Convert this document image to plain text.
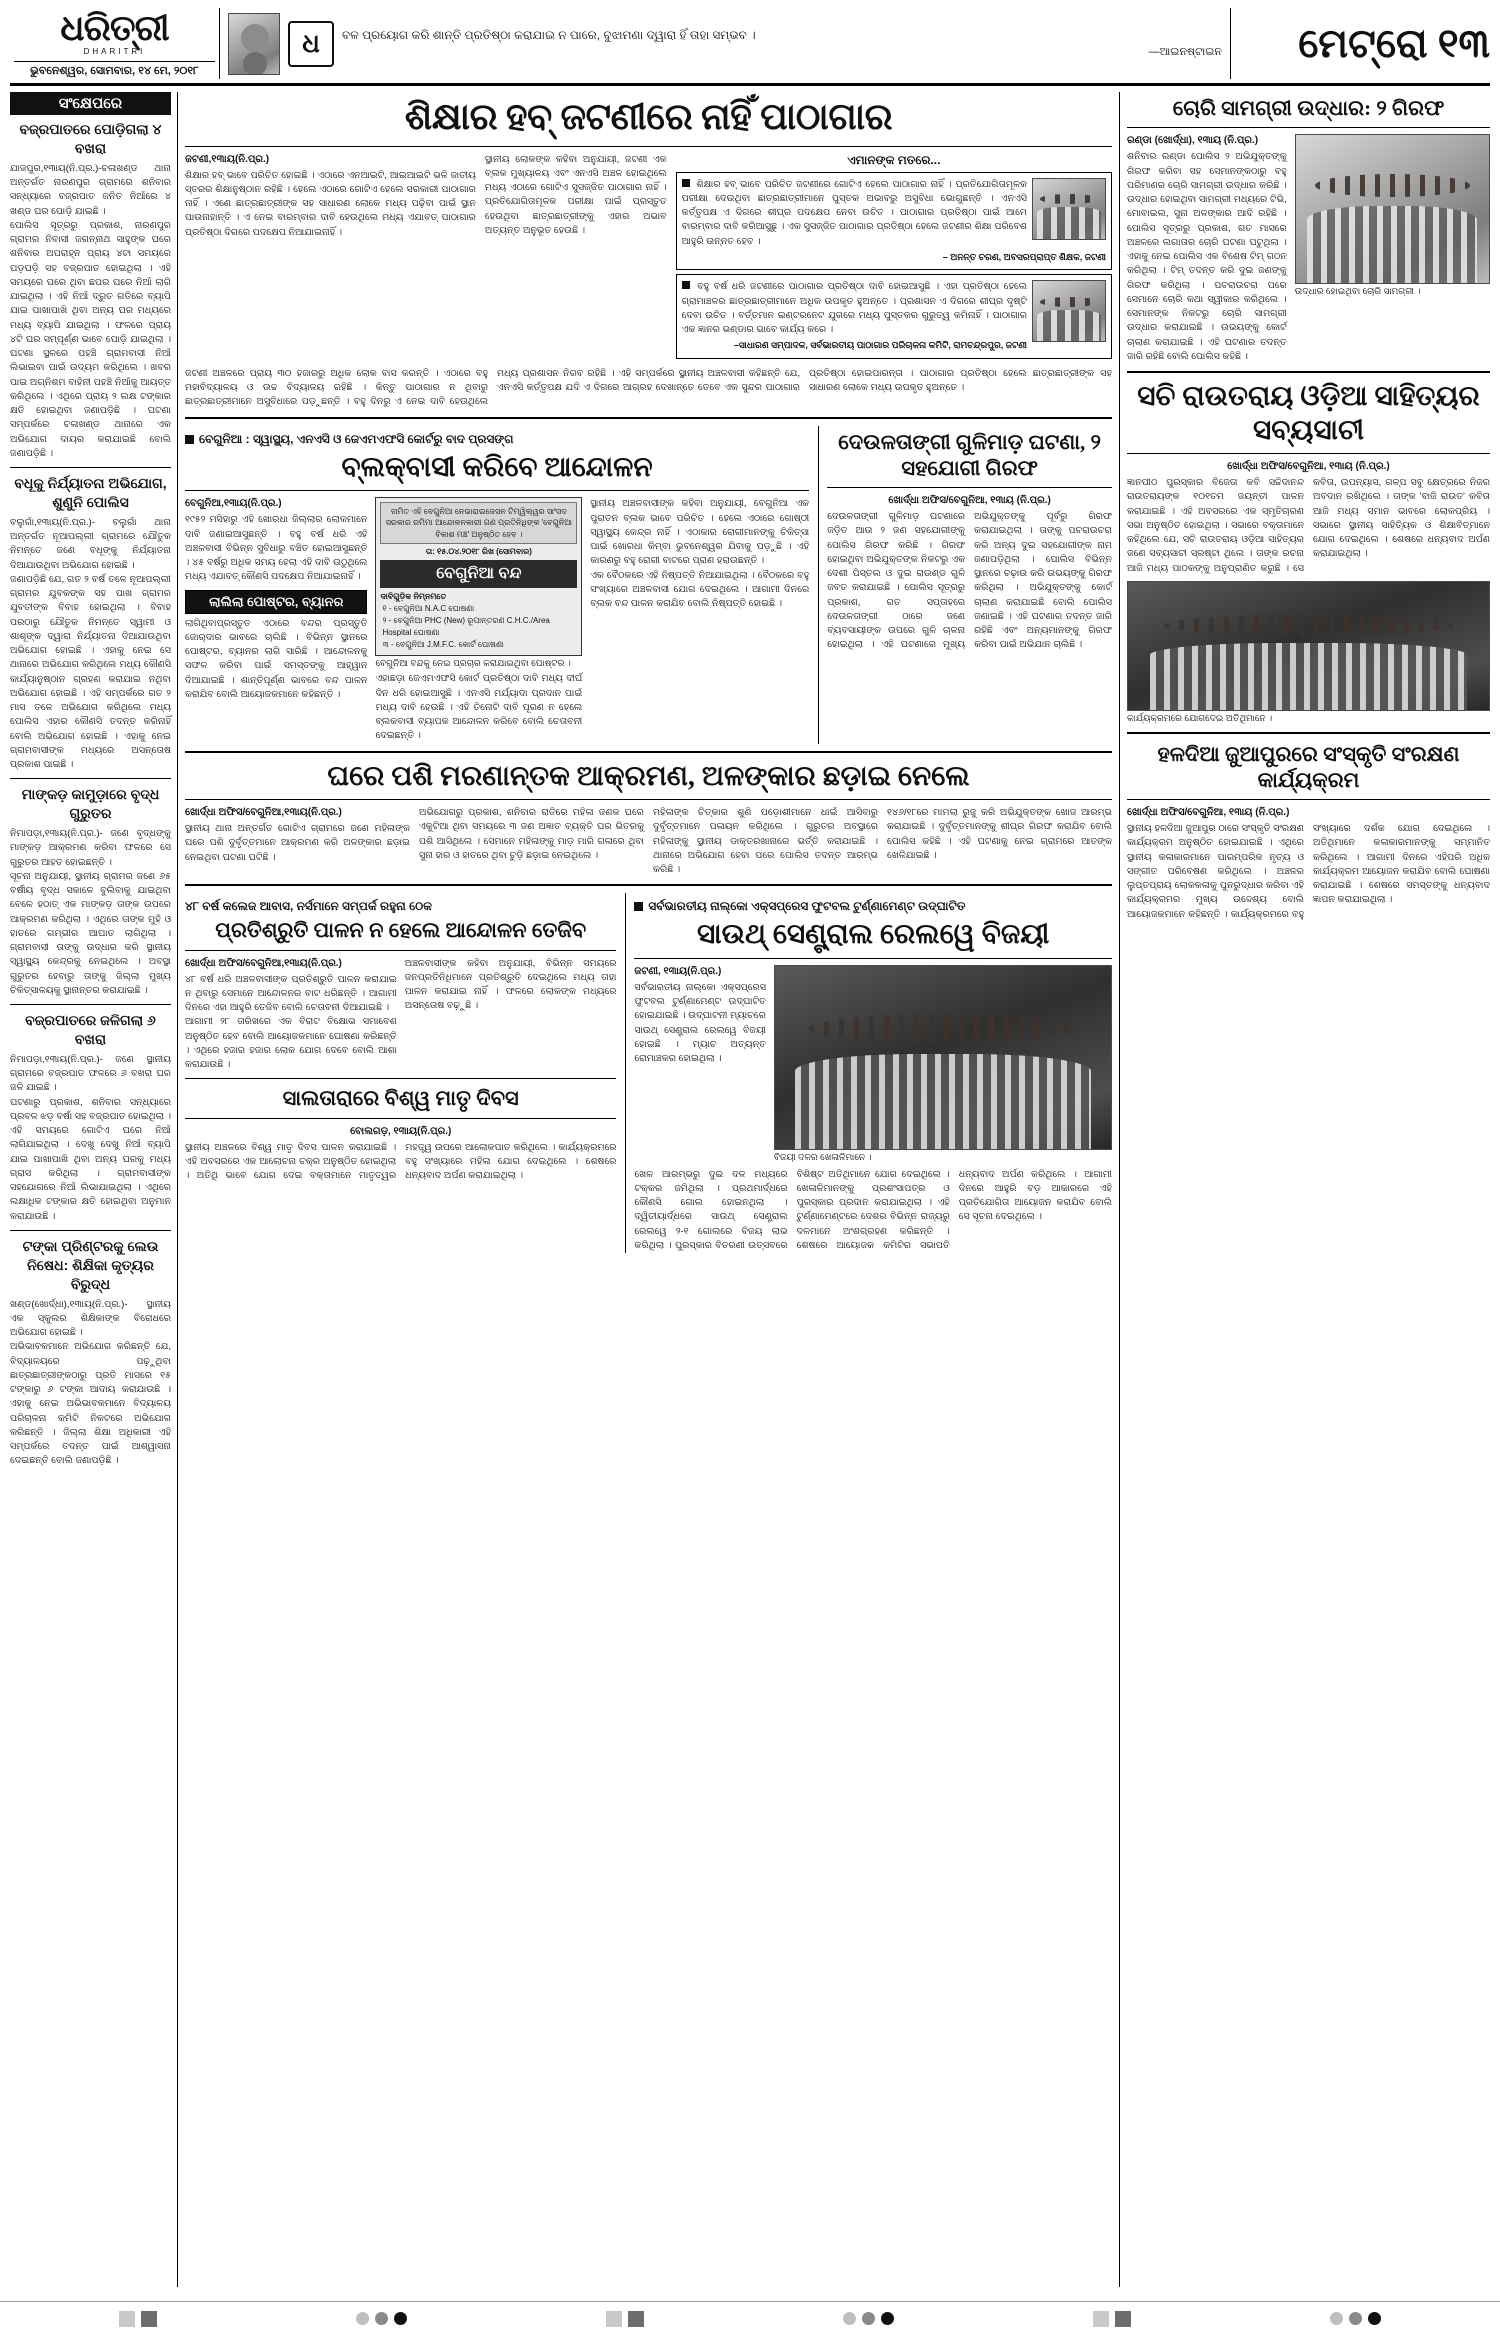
ଧରିତ୍ରୀ
DHARITRI
ଭୁବନେଶ୍ୱର, ସୋମବାର, ୧୪ ମେ, ୨୦୧୮
ଧ	ବଳ ପ୍ରୟୋଗ କରି ଶାନ୍ତି ପ୍ରତିଷ୍ଠା କରାଯାଇ ନ ପାରେ, ବୁଝାମଣା ଦ୍ୱାରା ହିଁ ତାହା ସମ୍ଭବ ।
—ଆଇନଷ୍ଟାଇନ ମେଟ୍ରୋ ୧୩
ସଂକ୍ଷେପରେ
ବଜ୍ରପାତରେ ପୋଡ଼ିଗଲା ୪ ବଖରା
ଯାଜପୁର,୧୩ାୟ(ନି.ପ୍ର.)-ଚଳାଖଣ୍ଡ ଥାନା ଅନ୍ତର୍ଗତ ନାରଣପୁର ଗ୍ରାମରେ ଶନିବାର ସନ୍ଧ୍ୟାରେ ବଜ୍ରପାତ ଜନିତ ନିଆଁରେ ୪ ଖଣ୍ଡ ଘର ପୋଡ଼ି ଯାଇଛି ।
ପୋଲିସ ସୂତ୍ରରୁ ପ୍ରକାଶ, ନାରଣପୁର ଗ୍ରାମର ନିବାସୀ ଜଗନ୍ନାଥ ସାହୁଙ୍କ ଘରେ ଶନିବାର ଅପରାହ୍ନ ପ୍ରାୟ ୪ଟା ସମୟରେ ଘଡ଼ଘଡ଼ି ସହ ବଜ୍ରପାତ ହୋଇଥିଲା । ଏହି ସମୟରେ ଘରେ ଥିବା ଛପର ଘରେ ନିଆଁ ଲାଗି ଯାଇଥିଲା । ଏହି ନିଆଁ ଦ୍ରୁତ ଗତିରେ ବ୍ୟାପି ଯାଇ ପାଖାପାଖି ଥିବା ଅନ୍ୟ ଘର ମଧ୍ୟରେ ମଧ୍ୟ ବ୍ୟାପି ଯାଇଥିଲା । ଫଳରେ ପ୍ରାୟ ୪ଟି ଘର ସମ୍ପୂର୍ଣ୍ଣ ଭାବେ ପୋଡ଼ି ଯାଇଥିଲା । ଘଟଣା ସ୍ଥଳରେ ପହଞ୍ଚି ଗ୍ରାମବାସୀ ନିଆଁ ଲିଭାଇବା ପାଇଁ ଉଦ୍ୟମ କରିଥିଲେ । ଖବର ପାଇ ଅଗ୍ନିଶମ ବାହିନୀ ପହଞ୍ଚି ନିଆଁକୁ ଆୟତ୍ତ କରିଥିଲେ । ଏଥିରେ ପ୍ରାୟ ୨ ଲକ୍ଷ ଟଙ୍କାର କ୍ଷତି ହୋଇଥିବା ଜଣାପଡ଼ିଛି । ଘଟଣା ସମ୍ପର୍କରେ ଚଳାଖଣ୍ଡ ଥାନାରେ ଏକ ଅଭିଯୋଗ ଦାୟର କରାଯାଇଛି ବୋଲି ଜଣାପଡ଼ିଛି ।
ବଧୂକୁ ନିର୍ଯ୍ୟାତନା ଅଭିଯୋଗ, ଶୁଣୁନି ପୋଲିସ
ବଲୁଗାଁ,୧୩ାୟ(ନି.ପ୍ର.)- ବଲୁଗାଁ ଥାନା ଅନ୍ତର୍ଗତ ନୂଆପଲ୍ଲୀ ଗ୍ରାମରେ ଯୌତୁକ ନିମନ୍ତେ ଜଣେ ବଧୂଙ୍କୁ ନିର୍ଯ୍ୟାତନା ଦିଆଯାଉଥିବା ଅଭିଯୋଗ ହୋଇଛି ।
ଜଣାପଡ଼ିଛି ଯେ, ଗତ ୨ ବର୍ଷ ତଳେ ନୂଆପଲ୍ଲୀ ଗ୍ରାମର ଯୁବକଙ୍କ ସହ ପାଖ ଗ୍ରାମର ଯୁବତୀଙ୍କ ବିବାହ ହୋଇଥିଲା । ବିବାହ ପରଠାରୁ ଯୌତୁକ ନିମନ୍ତେ ସ୍ୱାମୀ ଓ ଶାଶୂଙ୍କ ଦ୍ୱାରା ନିର୍ଯ୍ୟାତନା ଦିଆଯାଉଥିବା ଅଭିଯୋଗ ହୋଇଛି । ଏହାକୁ ନେଇ ସେ ଥାନାରେ ଅଭିଯୋଗ କରିଥିଲେ ମଧ୍ୟ କୌଣସି କାର୍ଯ୍ୟାନୁଷ୍ଠାନ ଗ୍ରହଣ କରାଯାଇ ନଥିବା ଅଭିଯୋଗ ହୋଇଛି । ଏହି ସମ୍ପର୍କରେ ଗତ ୨ ମାସ ତଳେ ଅଭିଯୋଗ କରିଥିଲେ ମଧ୍ୟ ପୋଲିସ ଏହାର କୌଣସି ତଦନ୍ତ କରିନାହିଁ ବୋଲି ଅଭିଯୋଗ ହୋଇଛି । ଏହାକୁ ନେଇ ଗ୍ରାମବାସୀଙ୍କ ମଧ୍ୟରେ ଅସନ୍ତୋଷ ପ୍ରକାଶ ପାଇଛି ।
ମାଙ୍କଡ଼ କାମୁଡ଼ାରେ ବୃଦ୍ଧ ଗୁରୁତର
ନିମାପଡ଼ା,୧୩ାୟ(ନି.ପ୍ର.)- ଜଣେ ବୃଦ୍ଧଙ୍କୁ ମାଙ୍କଡ଼ ଆକ୍ରମଣ କରିବା ଫଳରେ ସେ ଗୁରୁତର ଆହତ ହୋଇଛନ୍ତି ।
ସୂଚନା ଅନୁଯାୟୀ, ସ୍ଥାନୀୟ ଗ୍ରାମର ଜଣେ ୬୫ ବର୍ଷୀୟ ବୃଦ୍ଧ ସକାଳେ ବୁଲିବାକୁ ଯାଇଥିବା ବେଳେ ହଠାତ୍ ଏକ ମାଙ୍କଡ଼ ତାଙ୍କ ଉପରେ ଆକ୍ରମଣ କରିଥିଲା । ଏଥିରେ ତାଙ୍କ ମୁହଁ ଓ ହାତରେ ଗମ୍ଭୀର ଆଘାତ ଲାଗିଥିଲା । ଗ୍ରାମବାସୀ ତାଙ୍କୁ ଉଦ୍ଧାର କରି ସ୍ଥାନୀୟ ସ୍ୱାସ୍ଥ୍ୟ କେନ୍ଦ୍ରକୁ ନେଇଥିଲେ । ଅବସ୍ଥା ଗୁରୁତର ହେବାରୁ ତାଙ୍କୁ ଜିଲ୍ଲା ମୁଖ୍ୟ ଚିକିତ୍ସାଳୟକୁ ସ୍ଥାନାନ୍ତର କରାଯାଇଛି ।
ବଜ୍ରପାତରେ ଜଳିଗଲା ୬ ବଖରା
ନିମାପଡ଼ା,୧୩ାୟ(ନି.ପ୍ର.)- ଜଣେ ସ୍ଥାନୀୟ ଗ୍ରାମରେ ବଜ୍ରପାତ ଫଳରେ ୬ ବଖରା ଘର ଜଳି ଯାଇଛି ।
ଘଟଣାରୁ ପ୍ରକାଶ, ଶନିବାର ସନ୍ଧ୍ୟାରେ ପ୍ରବଳ ଝଡ଼ ବର୍ଷା ସହ ବଜ୍ରପାତ ହୋଇଥିଲା । ଏହି ସମୟରେ ଗୋଟିଏ ଘରେ ନିଆଁ ଲାଗିଯାଇଥିଲା । ଦେଖୁ ଦେଖୁ ନିଆଁ ବ୍ୟାପି ଯାଇ ପାଖାପାଖି ଥିବା ଅନ୍ୟ ଘରକୁ ମଧ୍ୟ ଗ୍ରାସ କରିଥିଲା । ଗ୍ରାମବାସୀଙ୍କ ସହଯୋଗରେ ନିଆଁ ଲିଭାଯାଇଥିଲା । ଏଥିରେ ଲକ୍ଷାଧିକ ଟଙ୍କାର କ୍ଷତି ହୋଇଥିବା ଅନୁମାନ କରାଯାଉଛି ।
ଟଙ୍କା ପ୍ରିଣ୍ଟରକୁ ଲେଉ ନିଷେଧ: ଶିକ୍ଷିକା କୃତ୍ୟର ବିରୁଦ୍ଧ
ଖଣ୍ଡ(ଖୋର୍ଦ୍ଧା),୧୩ାୟ(ନି.ପ୍ର.)- ସ୍ଥାନୀୟ ଏକ ସ୍କୁଲର ଶିକ୍ଷିକାଙ୍କ ବିରୋଧରେ ଅଭିଯୋଗ ହୋଇଛି ।
ଅଭିଭାବକମାନେ ଅଭିଯୋଗ କରିଛନ୍ତି ଯେ, ବିଦ୍ୟାଳୟରେ ପଢ଼ୁଥିବା ଛାତ୍ରଛାତ୍ରୀଙ୍କଠାରୁ ପ୍ରତି ମାସରେ ୧୫ ଟଙ୍କାରୁ ୬ ଟଙ୍କା ଆଦାୟ କରାଯାଉଛି । ଏହାକୁ ନେଇ ଅଭିଭାବକମାନେ ବିଦ୍ୟାଳୟ ପରିଚାଳନା କମିଟି ନିକଟରେ ଅଭିଯୋଗ କରିଛନ୍ତି । ଜିଲ୍ଲା ଶିକ୍ଷା ଅଧିକାରୀ ଏହି ସମ୍ପର୍କରେ ତଦନ୍ତ ପାଇଁ ଆଶ୍ୱାସନା ଦେଇଛନ୍ତି ବୋଲି ଜଣାପଡ଼ିଛି ।
ଶିକ୍ଷାର ହବ୍ ଜଟଣୀରେ ନାହିଁ ପାଠାଗାର
ଜଟଣୀ,୧୩ାୟ(ନି.ପ୍ର.)
ଶିକ୍ଷାର ହବ୍ ଭାବେ ପରିଚିତ ହୋଇଛି । ଏଠାରେ ଏନଆଇଟି, ଆଇଆଇଟି ଭଳି ଜାତୀୟ ସ୍ତରର ଶିକ୍ଷାନୁଷ୍ଠାନ ରହିଛି । ହେଲେ ଏଠାରେ ଗୋଟିଏ ହେଲେ ସରକାରୀ ପାଠାଗାର ନାହିଁ । ଏଣେ ଛାତ୍ରଛାତ୍ରୀଙ୍କ ସହ ସାଧାରଣ ଲୋକେ ମଧ୍ୟ ପଢ଼ିବା ପାଇଁ ସ୍ଥାନ ପାଉନାହାନ୍ତି । ଏ ନେଇ ବାରମ୍ବାର ଦାବି ହେଉଥିଲେ ମଧ୍ୟ ଏଯାବତ୍ ପାଠାଗାର ପ୍ରତିଷ୍ଠା ଦିଗରେ ପଦକ୍ଷେପ ନିଆଯାଇନାହିଁ ।
ସ୍ଥାନୀୟ ଲୋକଙ୍କ କହିବା ଅନୁଯାୟୀ, ଜଟଣୀ ଏକ ବ୍ଲକ ମୁଖ୍ୟାଳୟ ଏବଂ ଏନଏସି ଅଞ୍ଚଳ ହୋଇଥିଲେ ମଧ୍ୟ ଏଠାରେ ଗୋଟିଏ ସୁସଜ୍ଜିତ ପାଠାଗାର ନାହିଁ । ପ୍ରତିଯୋଗିତାମୂଳକ ପରୀକ୍ଷା ପାଇଁ ପ୍ରସ୍ତୁତ ହେଉଥିବା ଛାତ୍ରଛାତ୍ରୀଙ୍କୁ ଏହାର ଅଭାବ ଅତ୍ୟନ୍ତ ଅନୁଭୂତ ହେଉଛି ।
ଏମାନଙ୍କ ମତରେ...
ଶିକ୍ଷାର ହବ୍ ଭାବେ ପରିଚିତ ଜଟଣୀରେ ଗୋଟିଏ ହେଲେ ପାଠାଗାର ନାହିଁ । ପ୍ରତିଯୋଗିତାମୂଳକ ପରୀକ୍ଷା ଦେଉଥିବା ଛାତ୍ରଛାତ୍ରୀମାନେ ପୁସ୍ତକ ଅଭାବରୁ ଅସୁବିଧା ଭୋଗୁଛନ୍ତି । ଏନଏସି କର୍ତ୍ତୃପକ୍ଷ ଏ ଦିଗରେ ଶୀଘ୍ର ପଦକ୍ଷେପ ନେବା ଉଚିତ । ପାଠାଗାର ପ୍ରତିଷ୍ଠା ପାଇଁ ଆମେ ବାରମ୍ବାର ଦାବି କରିଆସୁଛୁ । ଏକ ସୁସଜ୍ଜିତ ପାଠାଗାର ପ୍ରତିଷ୍ଠା ହେଲେ ଜଟଣୀର ଶିକ୍ଷା ପରିବେଶ ଆହୁରି ଉନ୍ନତ ହେବ ।
– ଅନନ୍ତ ଚରଣ, ଅବସରପ୍ରାପ୍ତ ଶିକ୍ଷକ, ଜଟଣୀ
ବହୁ ବର୍ଷ ଧରି ଜଟଣୀରେ ପାଠାଗାର ପ୍ରତିଷ୍ଠା ଦାବି ହୋଇଆସୁଛି । ଏହା ପ୍ରତିଷ୍ଠା ହେଲେ ଗ୍ରାମାଞ୍ଚଳର ଛାତ୍ରଛାତ୍ରୀମାନେ ଅଧିକ ଉପକୃତ ହୁଅନ୍ତେ । ପ୍ରଶାସନ ଏ ଦିଗରେ ଶୀଘ୍ର ଦୃଷ୍ଟି ଦେବା ଉଚିତ । ବର୍ତ୍ତମାନ ଇଣ୍ଟରନେଟ ଯୁଗରେ ମଧ୍ୟ ପୁସ୍ତକର ଗୁରୁତ୍ୱ କମିନାହିଁ । ପାଠାଗାର ଏକ ଜ୍ଞାନର ଭଣ୍ଡାର ଭାବେ କାର୍ଯ୍ୟ କରେ ।
–ସାଧାରଣ ସମ୍ପାଦକ, ସର୍ବଭାରତୀୟ ପାଠାଗାର ପରିଚାଳନା କମିଟି, ରାମଚନ୍ଦ୍ରପୁର, ଜଟଣୀ
ଜଟଣୀ ଅଞ୍ଚଳରେ ପ୍ରାୟ ୩୦ ହଜାରରୁ ଅଧିକ ଲୋକ ବାସ କରନ୍ତି । ଏଠାରେ ବହୁ ମହାବିଦ୍ୟାଳୟ ଓ ଉଚ୍ଚ ବିଦ୍ୟାଳୟ ରହିଛି । କିନ୍ତୁ ପାଠାଗାର ନ ଥିବାରୁ ଛାତ୍ରଛାତ୍ରୀମାନେ ଅସୁବିଧାରେ ପଡ଼ୁଛନ୍ତି । ବହୁ ଦିନରୁ ଏ ନେଇ ଦାବି ହେଉଥିଲେ ମଧ୍ୟ ପ୍ରଶାସନ ନିରବ ରହିଛି । ଏହି ସମ୍ପର୍କରେ ସ୍ଥାନୀୟ ଅଞ୍ଚଳବାସୀ କହିଛନ୍ତି ଯେ, ଏନଏସି କର୍ତ୍ତୃପକ୍ଷ ଯଦି ଏ ଦିଗରେ ଆଗ୍ରହ ଦେଖାନ୍ତେ ତେବେ ଏକ ସୁନ୍ଦର ପାଠାଗାର ପ୍ରତିଷ୍ଠା ହୋଇପାରନ୍ତା । ପାଠାଗାର ପ୍ରତିଷ୍ଠା ହେଲେ ଛାତ୍ରଛାତ୍ରୀଙ୍କ ସହ ସାଧାରଣ ଲୋକେ ମଧ୍ୟ ଉପକୃତ ହୁଅନ୍ତେ ।
ବେଗୁନିଆ : ସ୍ୱାସ୍ଥ୍ୟ, ଏନଏସି ଓ ଜେଏମଏଫସି କୋର୍ଟରୁ ବାଦ ପ୍ରସଙ୍ଗ
ବ୍ଲକ୍‌ବାସୀ କରିବେ ଆନ୍ଦୋଳନ
ବେଗୁନିଆ,୧୩ାୟ(ନି.ପ୍ର.)
୧୯୫୨ ମସିହାରୁ ଏହି ଖୋରଧା ଜିଲ୍ଲାର ଲୋକମାନେ ଦାବି ଜଣାଇଆସୁଛନ୍ତି । ବହୁ ବର୍ଷ ଧରି ଏହି ଅଞ୍ଚଳବାସୀ ବିଭିନ୍ନ ସୁବିଧାରୁ ବଞ୍ଚିତ ହୋଇଆସୁଛନ୍ତି । ୪୫ ବର୍ଷରୁ ଅଧିକ ସମୟ ହେଲା ଏହି ଦାବି ଉଠୁଥିଲେ ମଧ୍ୟ ଏଯାବତ୍ କୌଣସି ପଦକ୍ଷେପ ନିଆଯାଇନାହିଁ ।
ଲାଲିଲା ପୋଷ୍ଟର, ବ୍ୟାନର
ଲାଗିଥିବାପ୍ରସ୍ତୁତ ଏଠାରେ ବନ୍ଦର ପ୍ରସ୍ତୁତି ଜୋର୍‌ଦାର ଭାବରେ ଚାଲିଛି । ବିଭିନ୍ନ ସ୍ଥାନରେ ପୋଷ୍ଟର, ବ୍ୟାନର ଲାଗି ସାରିଛି । ଆନ୍ଦୋଳନକୁ ସଫଳ କରିବା ପାଇଁ ସମସ୍ତଙ୍କୁ ଆହ୍ୱାନ ଦିଆଯାଇଛି । ଶାନ୍ତିପୂର୍ଣ୍ଣ ଭାବରେ ବନ୍ଦ ପାଳନ କରାଯିବ ବୋଲି ଆୟୋଜକମାନେ କହିଛନ୍ତି ।
ନାମିତ ଏହି ବେଗୁନିଆ ନେଭାରାଇଜେସନ ଟିମ୍ୱିଲ୍ୱର ସାଂସଦ ସରକାର ରମିମା ଆନ୍ଦୋଳନକାରୀ ଗଣ ପ୍ରତିନିଧିଙ୍କ 'ବେଗୁନିଆ ବିକାଶ ମଞ୍ଚ' ଅନୁଷ୍ଠିତ ହେବ ।
ତା: ୧୫.୦୪.୨୦୧୮ ରିଖ (ସୋମବାର)
ବେଗୁନିଆ ବନ୍ଦ
ଦାବିଗୁଡ଼ିକ ନିମ୍ନମତେ
୧ - ବେଗୁନିଆ N.A.C ଘୋଷଣା
୨ - ବେଗୁନିଆ PHC (New) ରୂପାନ୍ତରଣ C.H.C./Area Hospital ଘୋଷଣା
୩ - ବେଗୁନିଆ J.M.F.C. କୋର୍ଟ ଘୋଷଣା
ବେଗୁନିଆ ବନ୍ଦକୁ ନେଇ ପ୍ରଚାର କରାଯାଇଥିବା ପୋଷ୍ଟର ।
ଏହାଛଡ଼ା ଜେଏମଏଫସି କୋର୍ଟ ପ୍ରତିଷ୍ଠା ଦାବି ମଧ୍ୟ ଦୀର୍ଘ ଦିନ ଧରି ହୋଇଆସୁଛି । ଏନଏସି ମର୍ଯ୍ୟାଦା ପ୍ରଦାନ ପାଇଁ ମଧ୍ୟ ଦାବି ହେଉଛି । ଏହି ତିନୋଟି ଦାବି ପୂରଣ ନ ହେଲେ ବ୍ଲକବାସୀ ବ୍ୟାପକ ଆନ୍ଦୋଳନ କରିବେ ବୋଲି ଚେତାବନୀ ଦେଇଛନ୍ତି ।
ସ୍ଥାନୀୟ ଅଞ୍ଚଳବାସୀଙ୍କ କହିବା ଅନୁଯାୟୀ, ବେଗୁନିଆ ଏକ ପୁରାତନ ବ୍ଲକ ଭାବେ ପରିଚିତ । ହେଲେ ଏଠାରେ ଗୋଷ୍ଠୀ ସ୍ୱାସ୍ଥ୍ୟ କେନ୍ଦ୍ର ନାହିଁ । ଏଠାକାର ରୋଗୀମାନଙ୍କୁ ଚିକିତ୍ସା ପାଇଁ ଖୋରଧା କିମ୍ବା ଭୁବନେଶ୍ୱର ଯିବାକୁ ପଡ଼ୁଛି । ଏହି କାରଣରୁ ବହୁ ରୋଗୀ ବାଟରେ ପ୍ରାଣ ହରାଉଛନ୍ତି ।
ଏକ ବୈଠକରେ ଏହି ନିଷ୍ପତ୍ତି ନିଆଯାଇଥିଲା । ବୈଠକରେ ବହୁ ସଂଖ୍ୟାରେ ଅଞ୍ଚଳବାସୀ ଯୋଗ ଦେଇଥିଲେ । ଆଗାମୀ ଦିନରେ ବ୍ଲକ ବନ୍ଦ ପାଳନ କରାଯିବ ବୋଲି ନିଷ୍ପତ୍ତି ହୋଇଛି ।
ଦେଉଳତାଙ୍ଗୀ ଗୁଳିମାଡ଼ ଘଟଣା, ୨ ସହଯୋଗୀ ଗିରଫ
ଖୋର୍ଦ୍ଧା ଅଫିସ/ବେଗୁନିଆ, ୧୩ାୟ (ନି.ପ୍ର.)
ଦେଉଳତାଙ୍ଗୀ ଗୁଳିମାଡ଼ ଘଟଣାରେ ଜଡ଼ିତ ଆଉ ୨ ଜଣ ସହଯୋଗୀଙ୍କୁ ପୋଲିସ ଗିରଫ କରିଛି । ଗିରଫ ହୋଇଥିବା ଅଭିଯୁକ୍ତଙ୍କ ନିକଟରୁ ଏକ ଦେଶୀ ପିସ୍ତଲ ଓ ଦୁଇ ରାଉଣ୍ଡ ଗୁଳି ଜବତ କରାଯାଇଛି । ପୋଲିସ ସୂତ୍ରରୁ ପ୍ରକାଶ, ଗତ ସପ୍ତାହରେ ଦେଉଳତାଙ୍ଗୀ ଠାରେ ଜଣେ ବ୍ୟବସାୟୀଙ୍କ ଉପରେ ଗୁଳି ଚାଳନା ହୋଇଥିଲା । ଏହି ଘଟଣାରେ ମୁଖ୍ୟ ଅଭିଯୁକ୍ତଙ୍କୁ ପୂର୍ବରୁ ଗିରଫ କରାଯାଇଥିଲା । ତାଙ୍କୁ ପଚରାଉଚରା କରି ଅନ୍ୟ ଦୁଇ ସହଯୋଗୀଙ୍କ ନାମ ଜଣାପଡ଼ିଥିଲା । ପୋଲିସ ବିଭିନ୍ନ ସ୍ଥାନରେ ଚଢ଼ାଉ କରି ଉଭୟଙ୍କୁ ଗିରଫ କରିଥିଲା । ଅଭିଯୁକ୍ତଙ୍କୁ କୋର୍ଟ ଚାଲାଣ କରାଯାଇଛି ବୋଲି ପୋଲିସ ଜଣାଇଛି । ଏହି ଘଟଣାର ତଦନ୍ତ ଜାରି ରହିଛି ଏବଂ ଅନ୍ୟମାନଙ୍କୁ ଗିରଫ କରିବା ପାଇଁ ଅଭିଯାନ ଚାଲିଛି ।
ଘରେ ପଶି ମରଣାନ୍ତକ ଆକ୍ରମଣ, ଅଳଙ୍କାର ଛଡ଼ାଇ ନେଲେ
ଖୋର୍ଦ୍ଧା ଅଫିସ/ବେଗୁନିଆ,୧୩ାୟ(ନି.ପ୍ର.)
ସ୍ଥାନୀୟ ଥାନା ଅନ୍ତର୍ଗତ ଗୋଟିଏ ଗ୍ରାମରେ ଜଣେ ମହିଳାଙ୍କ ଘରେ ପଶି ଦୁର୍ବୃତ୍ତମାନେ ଆକ୍ରମଣ କରି ଅଳଙ୍କାର ଛଡ଼ାଇ ନେଇଥିବା ଘଟଣା ଘଟିଛି ।
ଅଭିଯୋଗରୁ ପ୍ରକାଶ, ଶନିବାର ରାତିରେ ମହିଳା ଜଣକ ଘରେ ଏକୁଟିଆ ଥିବା ସମୟରେ ୩ ଜଣ ଅଜ୍ଞାତ ବ୍ୟକ୍ତି ଘର ଭିତରକୁ ପଶି ଆସିଥିଲେ । ସେମାନେ ମହିଳାଙ୍କୁ ମାଡ଼ ମାରି ଗଳାରେ ଥିବା ସୁନା ହାର ଓ ହାତରେ ଥିବା ଚୁଡ଼ି ଛଡ଼ାଇ ନେଇଥିଲେ ।
ମହିଳାଙ୍କ ଚିତ୍କାର ଶୁଣି ପଡ଼ୋଶୀମାନେ ଧାଇଁ ଆସିବାରୁ ଦୁର୍ବୃତ୍ତମାନେ ପଳାୟନ କରିଥିଲେ । ଗୁରୁତର ଅବସ୍ଥାରେ ମହିଳାଙ୍କୁ ସ୍ଥାନୀୟ ଡାକ୍ତରଖାନାରେ ଭର୍ତ୍ତି କରାଯାଇଛି । ଥାନାରେ ଅଭିଯୋଗ ହେବା ପରେ ପୋଲିସ ତଦନ୍ତ ଆରମ୍ଭ କରିଛି ।
୧୪୬/୧୮ରେ ମାମଲା ରୁଜୁ କରି ଅଭିଯୁକ୍ତଙ୍କ ଖୋଜ ଆରମ୍ଭ କରାଯାଇଛି । ଦୁର୍ବୃତ୍ତମାନଙ୍କୁ ଶୀଘ୍ର ଗିରଫ କରାଯିବ ବୋଲି ପୋଲିସ କହିଛି । ଏହି ଘଟଣାକୁ ନେଇ ଗ୍ରାମରେ ଆତଙ୍କ ଖେଳିଯାଇଛି ।
୪୮ ବର୍ଷ କଲେଜ ଆବାସ, ନର୍ସମାନେ ସମ୍ପର୍କ ରହୁନା ଠେକ
ପ୍ରତିଶ୍ରୁତି ପାଳନ ନ ହେଲେ ଆନ୍ଦୋଳନ ତେଜିବ
ଖୋର୍ଦ୍ଧା ଅଫିସ/ବେଗୁନିଆ,୧୩ାୟ(ନି.ପ୍ର.)
୪୮ ବର୍ଷ ଧରି ଅଞ୍ଚଳବାସୀଙ୍କ ପ୍ରତିଶ୍ରୁତି ପାଳନ କରାଯାଇ ନ ଥିବାରୁ ସେମାନେ ଆନ୍ଦୋଳନର ବାଟ ଧରିଛନ୍ତି । ଆଗାମୀ ଦିନରେ ଏହା ଆହୁରି ତେଜିବ ବୋଲି ଚେତାବନୀ ଦିଆଯାଇଛି ।
ଆଗାମୀ ୨୮ ତାରିଖରେ ଏକ ବିରାଟ ବିକ୍ଷୋଭ ସମାବେଶ ଅନୁଷ୍ଠିତ ହେବ ବୋଲି ଆୟୋଜକମାନେ ଘୋଷଣା କରିଛନ୍ତି । ଏଥିରେ ହଜାର ହଜାର ଲୋକ ଯୋଗ ଦେବେ ବୋଲି ଆଶା କରାଯାଉଛି ।
ଅଞ୍ଚଳବାସୀଙ୍କ କହିବା ଅନୁଯାୟୀ, ବିଭିନ୍ନ ସମୟରେ ଜନପ୍ରତିନିଧିମାନେ ପ୍ରତିଶ୍ରୁତି ଦେଇଥିଲେ ମଧ୍ୟ ତାହା ପାଳନ କରାଯାଇ ନାହିଁ । ଫଳରେ ଲୋକଙ୍କ ମଧ୍ୟରେ ଅସନ୍ତୋଷ ବଢ଼ୁଛି ।
ସାଲତାରାରେ ବିଶ୍ୱ ମାତୃ ଦିବସ
ବୋଲଗଡ଼, ୧୩ାୟ(ନି.ପ୍ର.)
ସ୍ଥାନୀୟ ଅଞ୍ଚଳରେ ବିଶ୍ୱ ମାତୃ ଦିବସ ପାଳନ କରାଯାଇଛି । ଏହି ଅବସରରେ ଏକ ଆଲୋଚନା ଚକ୍ର ଅନୁଷ୍ଠିତ ହୋଇଥିଲା । ଅତିଥି ଭାବେ ଯୋଗ ଦେଇ ବକ୍ତାମାନେ ମାତୃତ୍ୱର ମହତ୍ତ୍ୱ ଉପରେ ଆଲୋକପାତ କରିଥିଲେ । କାର୍ଯ୍ୟକ୍ରମରେ ବହୁ ସଂଖ୍ୟାରେ ମହିଳା ଯୋଗ ଦେଇଥିଲେ । ଶେଷରେ ଧନ୍ୟବାଦ ଅର୍ପଣ କରାଯାଇଥିଲା ।
ସର୍ବଭାରତୀୟ ନାଲ୍‌କୋ ଏକ୍ସପ୍ରେସ ଫୁଟବଲ ଟୁର୍ଣ୍ଣାମେଣ୍ଟ ଉଦ୍‌ଘାଟିତ
ସାଉଥ୍ ସେଣ୍ଟ୍ରାଲ ରେଲୱେ ବିଜୟୀ
ଜଟଣୀ, ୧୩ାୟ(ନି.ପ୍ର.)
ସର୍ବଭାରତୀୟ ନାଲ୍‌କୋ ଏକ୍ସପ୍ରେସ ଫୁଟବଲ ଟୁର୍ଣ୍ଣାମେଣ୍ଟ ଉଦ୍‌ଘାଟିତ ହୋଇଯାଇଛି । ଉଦ୍‌ଘାଟନୀ ମ୍ୟାଚରେ ସାଉଥ୍ ସେଣ୍ଟ୍ରାଲ ରେଲୱେ ବିଜୟୀ ହୋଇଛି । ମ୍ୟାଚ ଅତ୍ୟନ୍ତ ରୋମାଞ୍ଚକର ହୋଇଥିଲା ।
ବିଜୟୀ ଦଳର ଖେଳାଳିମାନେ ।
ଖେଳ ଆରମ୍ଭରୁ ଦୁଇ ଦଳ ମଧ୍ୟରେ ଟକ୍କର ଜମିଥିଲା । ପ୍ରଥମାର୍ଦ୍ଧରେ କୌଣସି ଗୋଲ ହୋଇନଥିଲା । ଦ୍ୱିତୀୟାର୍ଦ୍ଧରେ ସାଉଥ୍ ସେଣ୍ଟ୍ରାଲ ରେଲୱେ ୨-୧ ଗୋଲରେ ବିଜୟ ଲାଭ କରିଥିଲା । ପୁରସ୍କାର ବିତରଣୀ ଉତ୍ସବରେ ବିଶିଷ୍ଟ ଅତିଥିମାନେ ଯୋଗ ଦେଇଥିଲେ । ଖେଳାଳିମାନଙ୍କୁ ପ୍ରଶଂସାପତ୍ର ଓ ପୁରସ୍କାର ପ୍ରଦାନ କରାଯାଇଥିଲା । ଏହି ଟୁର୍ଣ୍ଣାମେଣ୍ଟରେ ଦେଶର ବିଭିନ୍ନ ରାଜ୍ୟରୁ ଦଳମାନେ ଅଂଶଗ୍ରହଣ କରିଛନ୍ତି । ଶେଷରେ ଆୟୋଜକ କମିଟିର ସଭାପତି ଧନ୍ୟବାଦ ଅର୍ପଣ କରିଥିଲେ । ଆଗାମୀ ଦିନରେ ଆହୁରି ବଡ଼ ଆକାରରେ ଏହି ପ୍ରତିଯୋଗିତା ଆୟୋଜନ କରାଯିବ ବୋଲି ସେ ସୂଚନା ଦେଇଥିଲେ ।
ଚୋରି ସାମଗ୍ରୀ ଉଦ୍ଧାର: ୨ ଗିରଫ
ରଣ୍ଡା (ଖୋର୍ଦ୍ଧା), ୧୩ାୟ (ନି.ପ୍ର.)
ଶନିବାର ରଣ୍ଡା ପୋଲିସ ୨ ଅଭିଯୁକ୍ତଙ୍କୁ ଗିରଫ କରିବା ସହ ସେମାନଙ୍କଠାରୁ ବହୁ ପରିମାଣର ଚୋରି ସାମଗ୍ରୀ ଉଦ୍ଧାର କରିଛି । ଉଦ୍ଧାର ହୋଇଥିବା ସାମଗ୍ରୀ ମଧ୍ୟରେ ଟିଭି, ମୋବାଇଲ, ସୁନା ଅଳଙ୍କାର ଆଦି ରହିଛି । ପୋଲିସ ସୂତ୍ରରୁ ପ୍ରକାଶ, ଗତ ମାସରେ ଅଞ୍ଚଳରେ ଲଗାତାର ଚୋରି ଘଟଣା ଘଟୁଥିଲା । ଏହାକୁ ନେଇ ପୋଲିସ ଏକ ବିଶେଷ ଟିମ୍ ଗଠନ କରିଥିଲା । ଟିମ୍ ତଦନ୍ତ କରି ଦୁଇ ଜଣଙ୍କୁ ଗିରଫ କରିଥିଲା । ପଚରାଉଚରା ପରେ ସେମାନେ ଚୋରି କଥା ସ୍ୱୀକାର କରିଥିଲେ । ସେମାନଙ୍କ ନିକଟରୁ ଚୋରି ସାମଗ୍ରୀ ଉଦ୍ଧାର କରାଯାଇଛି । ଉଭୟଙ୍କୁ କୋର୍ଟ ଚାଲାଣ କରାଯାଇଛି । ଏହି ଘଟଣାର ତଦନ୍ତ ଜାରି ରହିଛି ବୋଲି ପୋଲିସ କହିଛି ।
ଉଦ୍ଧାର ହୋଇଥିବା ଚୋରି ସାମଗ୍ରୀ ।
ସଚି ରାଉତରାୟ ଓଡ଼ିଆ ସାହିତ୍ୟର ସବ୍ୟସାଚୀ
ଖୋର୍ଦ୍ଧା ଅଫିସ/ବେଗୁନିଆ, ୧୩ାୟ (ନି.ପ୍ର.)
ଜ୍ଞାନପୀଠ ପୁରସ୍କାର ବିଜେତା କବି ସଚ୍ଚିଦାନନ୍ଦ ରାଉତରାୟଙ୍କ ୧୦୧ତମ ଜୟନ୍ତୀ ପାଳନ କରାଯାଇଛି । ଏହି ଅବସରରେ ଏକ ସ୍ମୃତିଚାରଣ ସଭା ଅନୁଷ୍ଠିତ ହୋଇଥିଲା । ସଭାରେ ବକ୍ତାମାନେ କହିଥିଲେ ଯେ, ସଚି ରାଉତରାୟ ଓଡ଼ିଆ ସାହିତ୍ୟର ଜଣେ ସବ୍ୟସାଚୀ ସ୍ରଷ୍ଟା ଥିଲେ । ତାଙ୍କ ରଚନା ଆଜି ମଧ୍ୟ ପାଠକଙ୍କୁ ଅନୁପ୍ରାଣିତ କରୁଛି । ସେ କବିତା, ଉପନ୍ୟାସ, ଗଳ୍ପ ସବୁ କ୍ଷେତ୍ରରେ ନିଜର ଅବଦାନ ରଖିଥିଲେ । ତାଙ୍କ 'ବାଜି ରାଉତ' କବିତା ଆଜି ମଧ୍ୟ ସମାନ ଭାବରେ ଲୋକପ୍ରିୟ । ସଭାରେ ସ୍ଥାନୀୟ ସାହିତ୍ୟିକ ଓ ଶିକ୍ଷାବିତ୍‌ମାନେ ଯୋଗ ଦେଇଥିଲେ । ଶେଷରେ ଧନ୍ୟବାଦ ଅର୍ପଣ କରାଯାଇଥିଲା ।
କାର୍ଯ୍ୟକ୍ରମରେ ଯୋଗଦେଇ ଅତିଥିମାନେ ।
ହଳଦିଆ ଜୁଆପୁରରେ ସଂସ୍କୃତି ସଂରକ୍ଷଣ କାର୍ଯ୍ୟକ୍ରମ
ଖୋର୍ଦ୍ଧା ଅଫିସ/ବେଗୁନିଆ, ୧୩ାୟ (ନି.ପ୍ର.)
ସ୍ଥାନୀୟ ହଳଦିଆ ଜୁଆପୁର ଠାରେ ସଂସ୍କୃତି ସଂରକ୍ଷଣ କାର୍ଯ୍ୟକ୍ରମ ଅନୁଷ୍ଠିତ ହୋଇଯାଇଛି । ଏଥିରେ ସ୍ଥାନୀୟ କଳାକାରମାନେ ପାରମ୍ପରିକ ନୃତ୍ୟ ଓ ସଙ୍ଗୀତ ପରିବେଷଣ କରିଥିଲେ । ଅଞ୍ଚଳର ଲୁପ୍ତପ୍ରାୟ ଲୋକକଳାକୁ ପୁନରୁଦ୍ଧାର କରିବା ଏହି କାର୍ଯ୍ୟକ୍ରମର ମୁଖ୍ୟ ଉଦ୍ଦେଶ୍ୟ ବୋଲି ଆୟୋଜକମାନେ କହିଛନ୍ତି । କାର୍ଯ୍ୟକ୍ରମରେ ବହୁ ସଂଖ୍ୟାରେ ଦର୍ଶକ ଯୋଗ ଦେଇଥିଲେ । ଅତିଥିମାନେ କଳାକାରମାନଙ୍କୁ ସମ୍ମାନିତ କରିଥିଲେ । ଆଗାମୀ ଦିନରେ ଏହିପରି ଅଧିକ କାର୍ଯ୍ୟକ୍ରମ ଆୟୋଜନ କରାଯିବ ବୋଲି ଘୋଷଣା କରାଯାଇଛି । ଶେଷରେ ସମସ୍ତଙ୍କୁ ଧନ୍ୟବାଦ ଜ୍ଞାପନ କରାଯାଇଥିଲା ।
